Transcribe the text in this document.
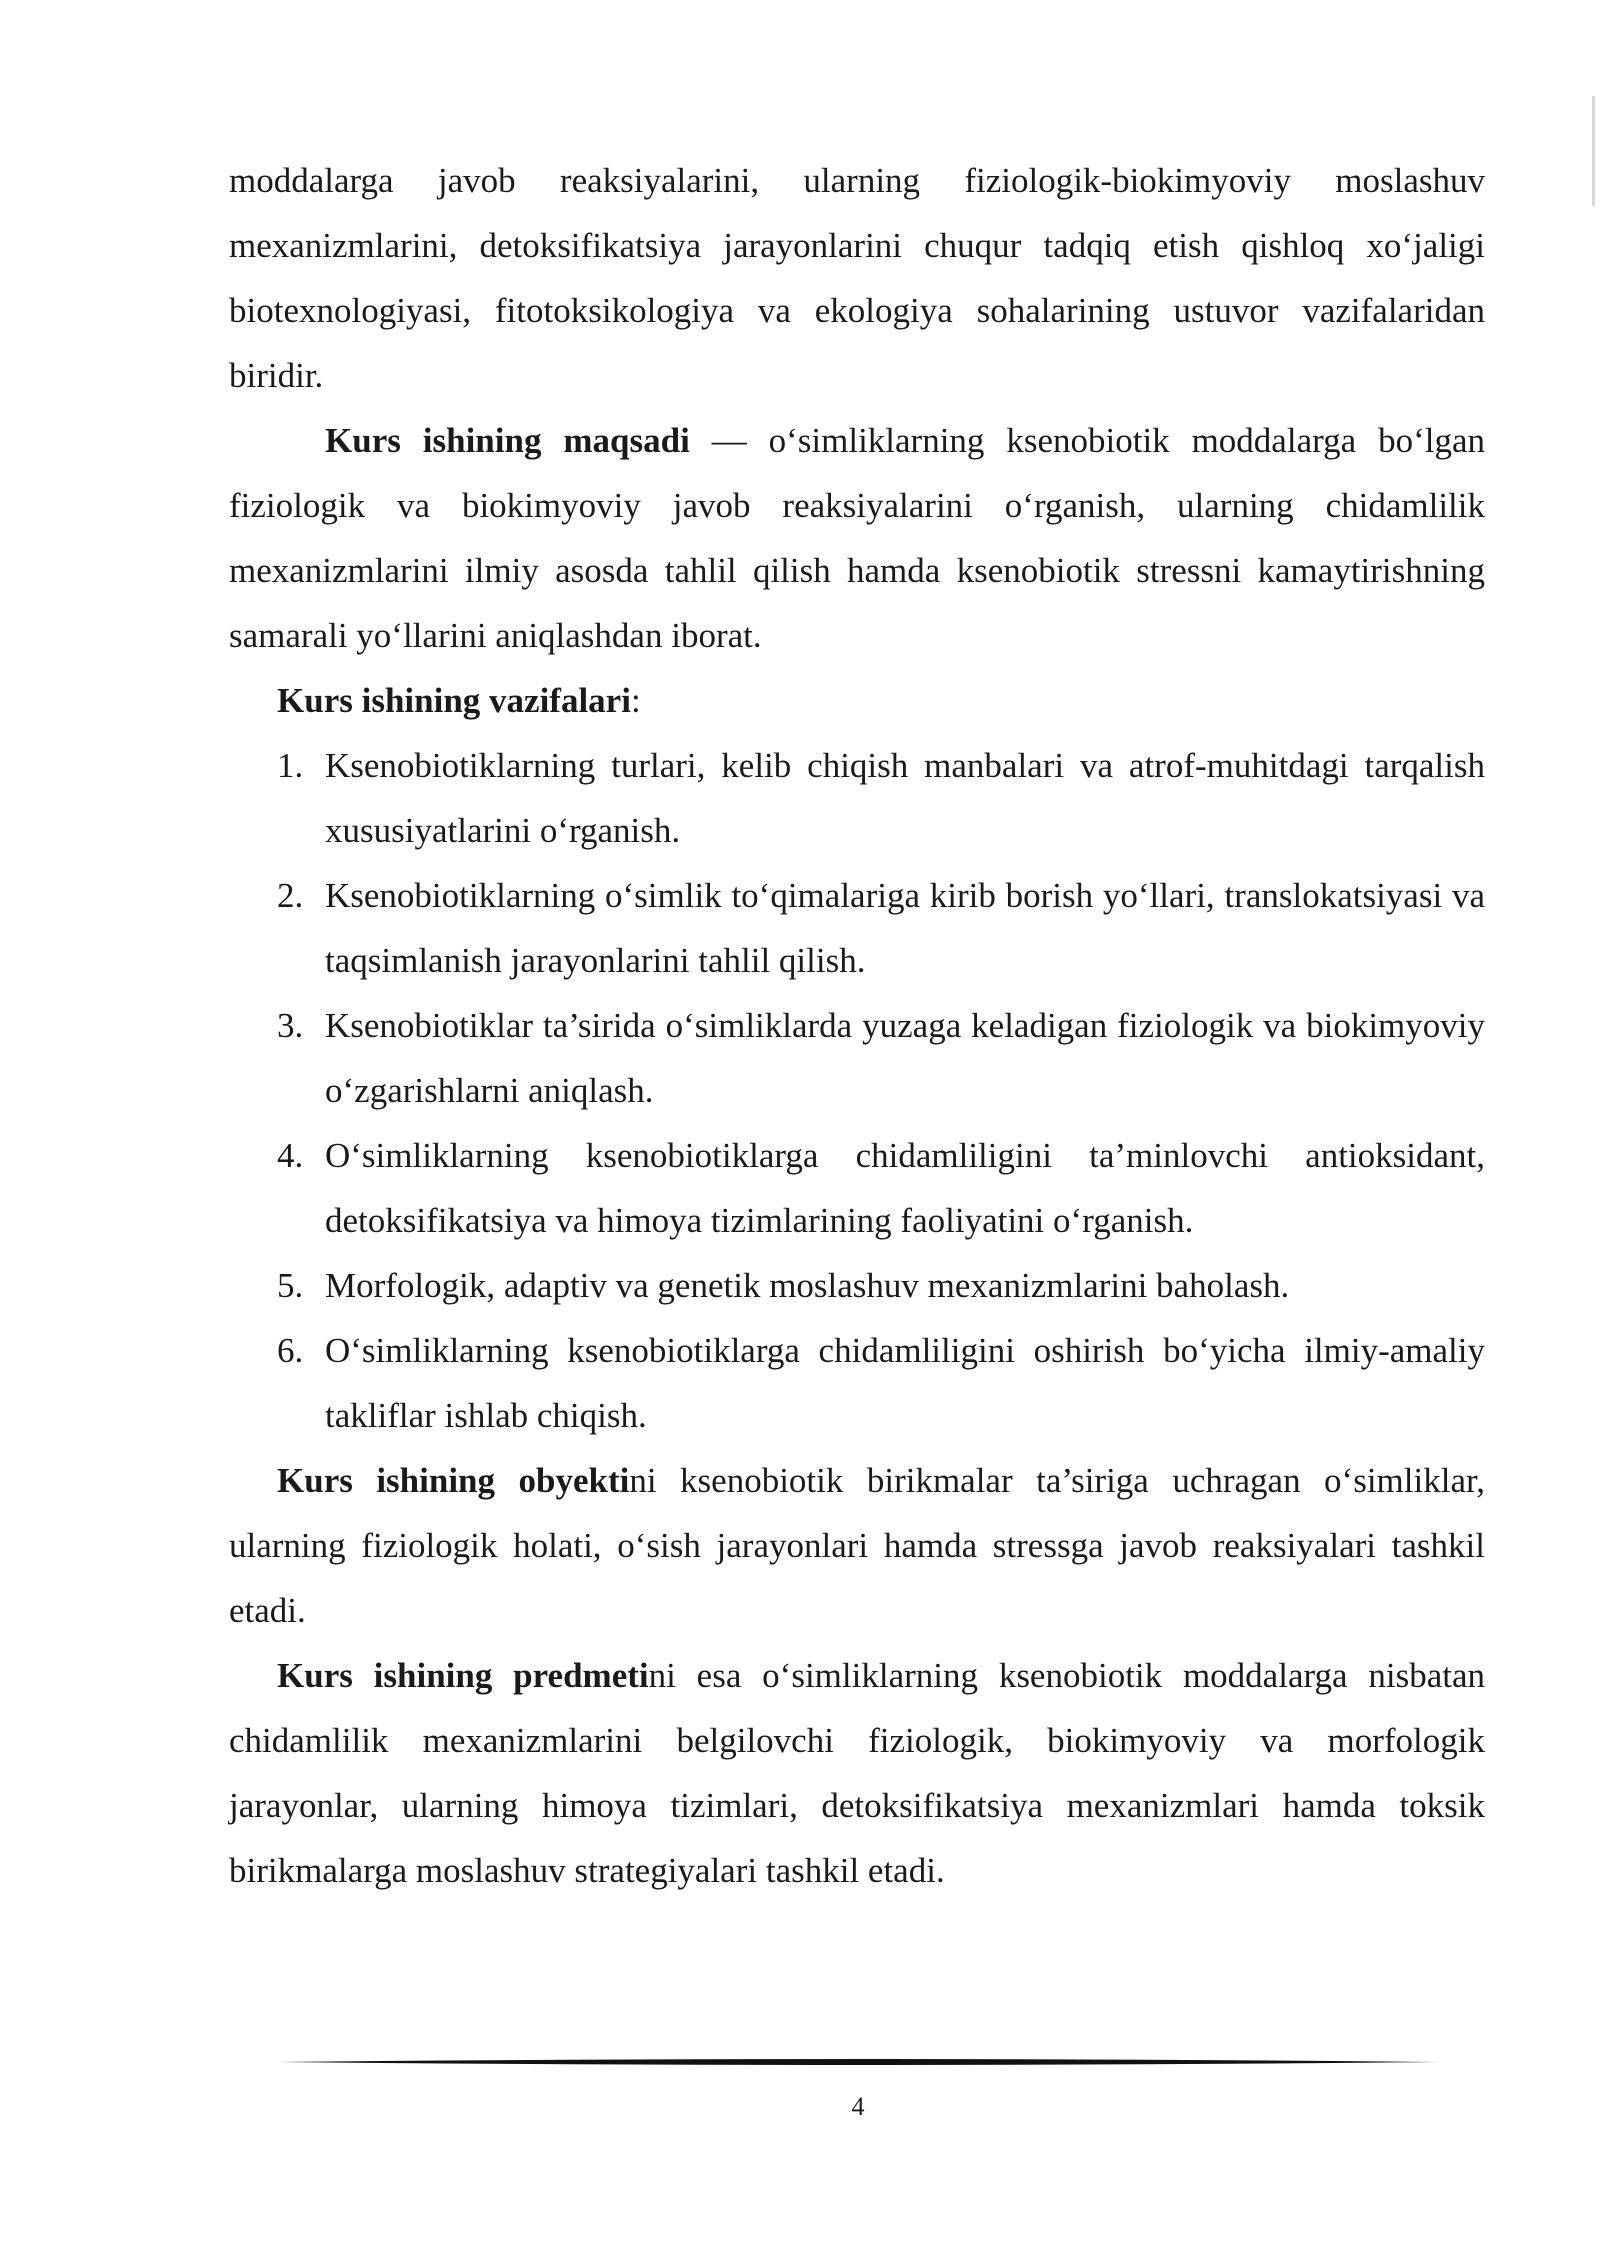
moddalarga javob reaksiyalarini, ularning fiziologik-biokimyoviy moslashuv mexanizmlarini, detoksifikatsiya jarayonlarini chuqur tadqiq etish qishloq xo‘jaligi biotexnologiyasi, fitotoksikologiya va ekologiya sohalarining ustuvor vazifalaridan biridir.

Kurs ishining maqsadi — o‘simliklarning ksenobiotik moddalarga bo‘lgan fiziologik va biokimyoviy javob reaksiyalarini o‘rganish, ularning chidamlilik mexanizmlarini ilmiy asosda tahlil qilish hamda ksenobiotik stressni kamaytirishning samarali yo‘llarini aniqlashdan iborat.

Kurs ishining vazifalari:

1. Ksenobiotiklarning turlari, kelib chiqish manbalari va atrof-muhitdagi tarqalish xususiyatlarini o‘rganish.
2. Ksenobiotiklarning o‘simlik to‘qimalariga kirib borish yo‘llari, translokatsiyasi va taqsimlanish jarayonlarini tahlil qilish.
3. Ksenobiotiklar ta’sirida o‘simliklarda yuzaga keladigan fiziologik va biokimyoviy o‘zgarishlarni aniqlash.
4. O‘simliklarning ksenobiotiklarga chidamliligini ta’minlovchi antioksidant, detoksifikatsiya va himoya tizimlarining faoliyatini o‘rganish.
5. Morfologik, adaptiv va genetik moslashuv mexanizmlarini baholash.
6. O‘simliklarning ksenobiotiklarga chidamliligini oshirish bo‘yicha ilmiy-amaliy takliflar ishlab chiqish.

Kurs ishining obyektini ksenobiotik birikmalar ta’siriga uchragan o‘simliklar, ularning fiziologik holati, o‘sish jarayonlari hamda stressga javob reaksiyalari tashkil etadi.

Kurs ishining predmetini esa o‘simliklarning ksenobiotik moddalarga nisbatan chidamlilik mexanizmlarini belgilovchi fiziologik, biokimyoviy va morfologik jarayonlar, ularning himoya tizimlari, detoksifikatsiya mexanizmlari hamda toksik birikmalarga moslashuv strategiyalari tashkil etadi.

4
